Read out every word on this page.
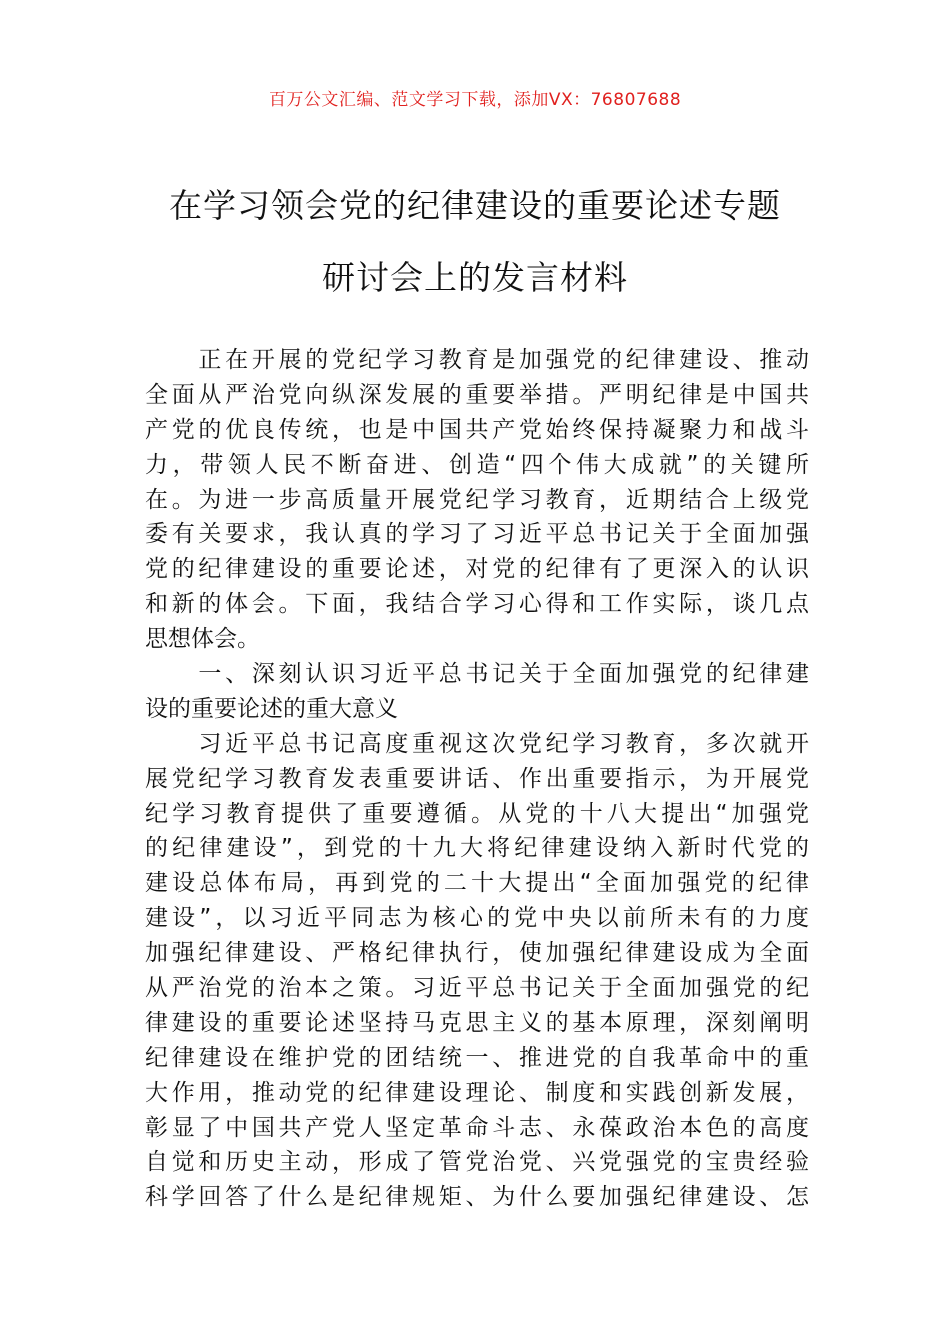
百万公文汇编、范文学习下载，添加VX：76807688
在学习领会党的纪律建设的重要论述专题
研讨会上的发言材料
　　正在开展的党纪学习教育是加强党的纪律建设、推动
全面从严治党向纵深发展的重要举措。严明纪律是中国共
产党的优良传统，也是中国共产党始终保持凝聚力和战斗
力，带领人民不断奋进、创造“四个伟大成就”的关键所
在。为进一步高质量开展党纪学习教育，近期结合上级党
委有关要求，我认真的学习了习近平总书记关于全面加强
党的纪律建设的重要论述，对党的纪律有了更深入的认识
和新的体会。下面，我结合学习心得和工作实际，谈几点
思想体会。
　　一、深刻认识习近平总书记关于全面加强党的纪律建
设的重要论述的重大意义
　　习近平总书记高度重视这次党纪学习教育，多次就开
展党纪学习教育发表重要讲话、作出重要指示，为开展党
纪学习教育提供了重要遵循。从党的十八大提出“加强党
的纪律建设”，到党的十九大将纪律建设纳入新时代党的
建设总体布局，再到党的二十大提出“全面加强党的纪律
建设”，以习近平同志为核心的党中央以前所未有的力度
加强纪律建设、严格纪律执行，使加强纪律建设成为全面
从严治党的治本之策。习近平总书记关于全面加强党的纪
律建设的重要论述坚持马克思主义的基本原理，深刻阐明
纪律建设在维护党的团结统一、推进党的自我革命中的重
大作用，推动党的纪律建设理论、制度和实践创新发展，
彰显了中国共产党人坚定革命斗志、永葆政治本色的高度
自觉和历史主动，形成了管党治党、兴党强党的宝贵经验
科学回答了什么是纪律规矩、为什么要加强纪律建设、怎
